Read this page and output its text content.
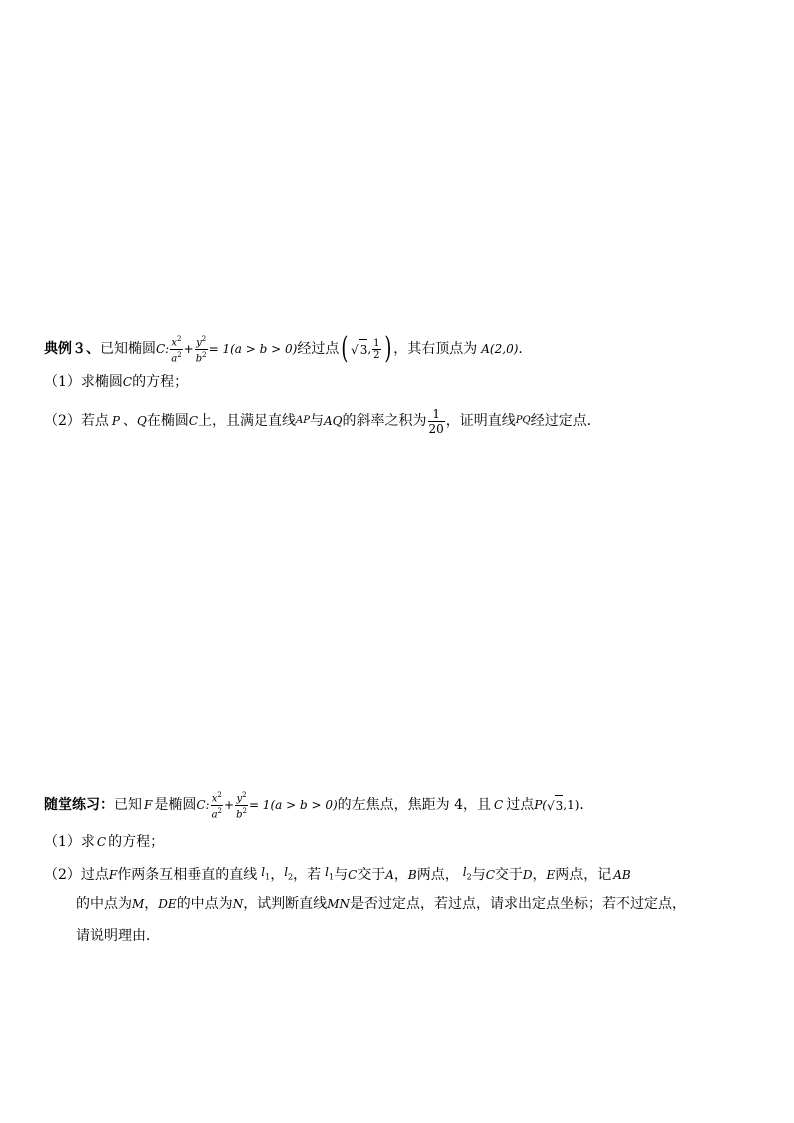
典例３、 已知椭圆 C: $\frac{x^2}{a^2} + \frac{y^2}{b^2} = 1(a > b > 0)$ 经过点 ( √ 3 , $\frac{1}{2}$ ) ，其右顶点为 A(2,0) ．
（1）求椭圆 C 的方程；
（2）若点 P 、 Q 在椭圆 C 上，且满足直线 AP 与 AQ 的斜率之积为 $\frac{1}{20}$ ，证明直线 PQ 经过定点．
随堂练习： 已知 F 是椭圆 C: $\frac{x^2}{a^2} + \frac{y^2}{b^2} = 1(a > b > 0)$ 的左焦点，焦距为 4，且 C 过点 P( √ 3 ,1) ．
（1）求 C 的方程；
（2）过点 F 作两条互相垂直的直线 $l_1$ ， $l_2$ ，若 $l_1$ 与 C 交于 A ， B 两点， $l_2$ 与 C 交于 D ， E 两点，记 AB
的中点为 M ， DE 的中点为 N ，试判断直线 MN 是否过定点，若过点，请求出定点坐标；若不过定点，
请说明理由．
